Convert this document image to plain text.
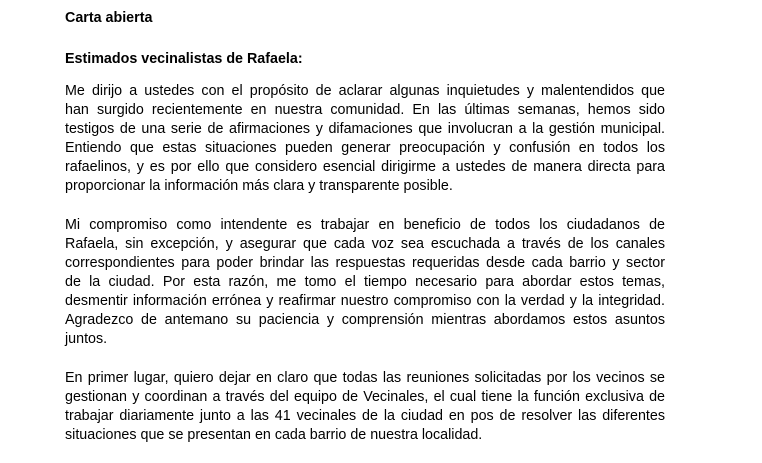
Carta abierta

Estimados vecinalistas de Rafaela:

Me dirijo a ustedes con el propósito de aclarar algunas inquietudes y malentendidos que
han surgido recientemente en nuestra comunidad. En las últimas semanas, hemos sido
testigos de una serie de afirmaciones y difamaciones que involucran a la gestión municipal.
Entiendo que estas situaciones pueden generar preocupación y confusión en todos los
rafaelinos, y es por ello que considero esencial dirigirme a ustedes de manera directa para
proporcionar la información más clara y transparente posible.

Mi compromiso como intendente es trabajar en beneficio de todos los ciudadanos de
Rafaela, sin excepción, y asegurar que cada voz sea escuchada a través de los canales
correspondientes para poder brindar las respuestas requeridas desde cada barrio y sector
de la ciudad. Por esta razón, me tomo el tiempo necesario para abordar estos temas,
desmentir información errónea y reafirmar nuestro compromiso con la verdad y la integridad.
Agradezco de antemano su paciencia y comprensión mientras abordamos estos asuntos
juntos.

En primer lugar, quiero dejar en claro que todas las reuniones solicitadas por los vecinos se
gestionan y coordinan a través del equipo de Vecinales, el cual tiene la función exclusiva de
trabajar diariamente junto a las 41 vecinales de la ciudad en pos de resolver las diferentes
situaciones que se presentan en cada barrio de nuestra localidad.
